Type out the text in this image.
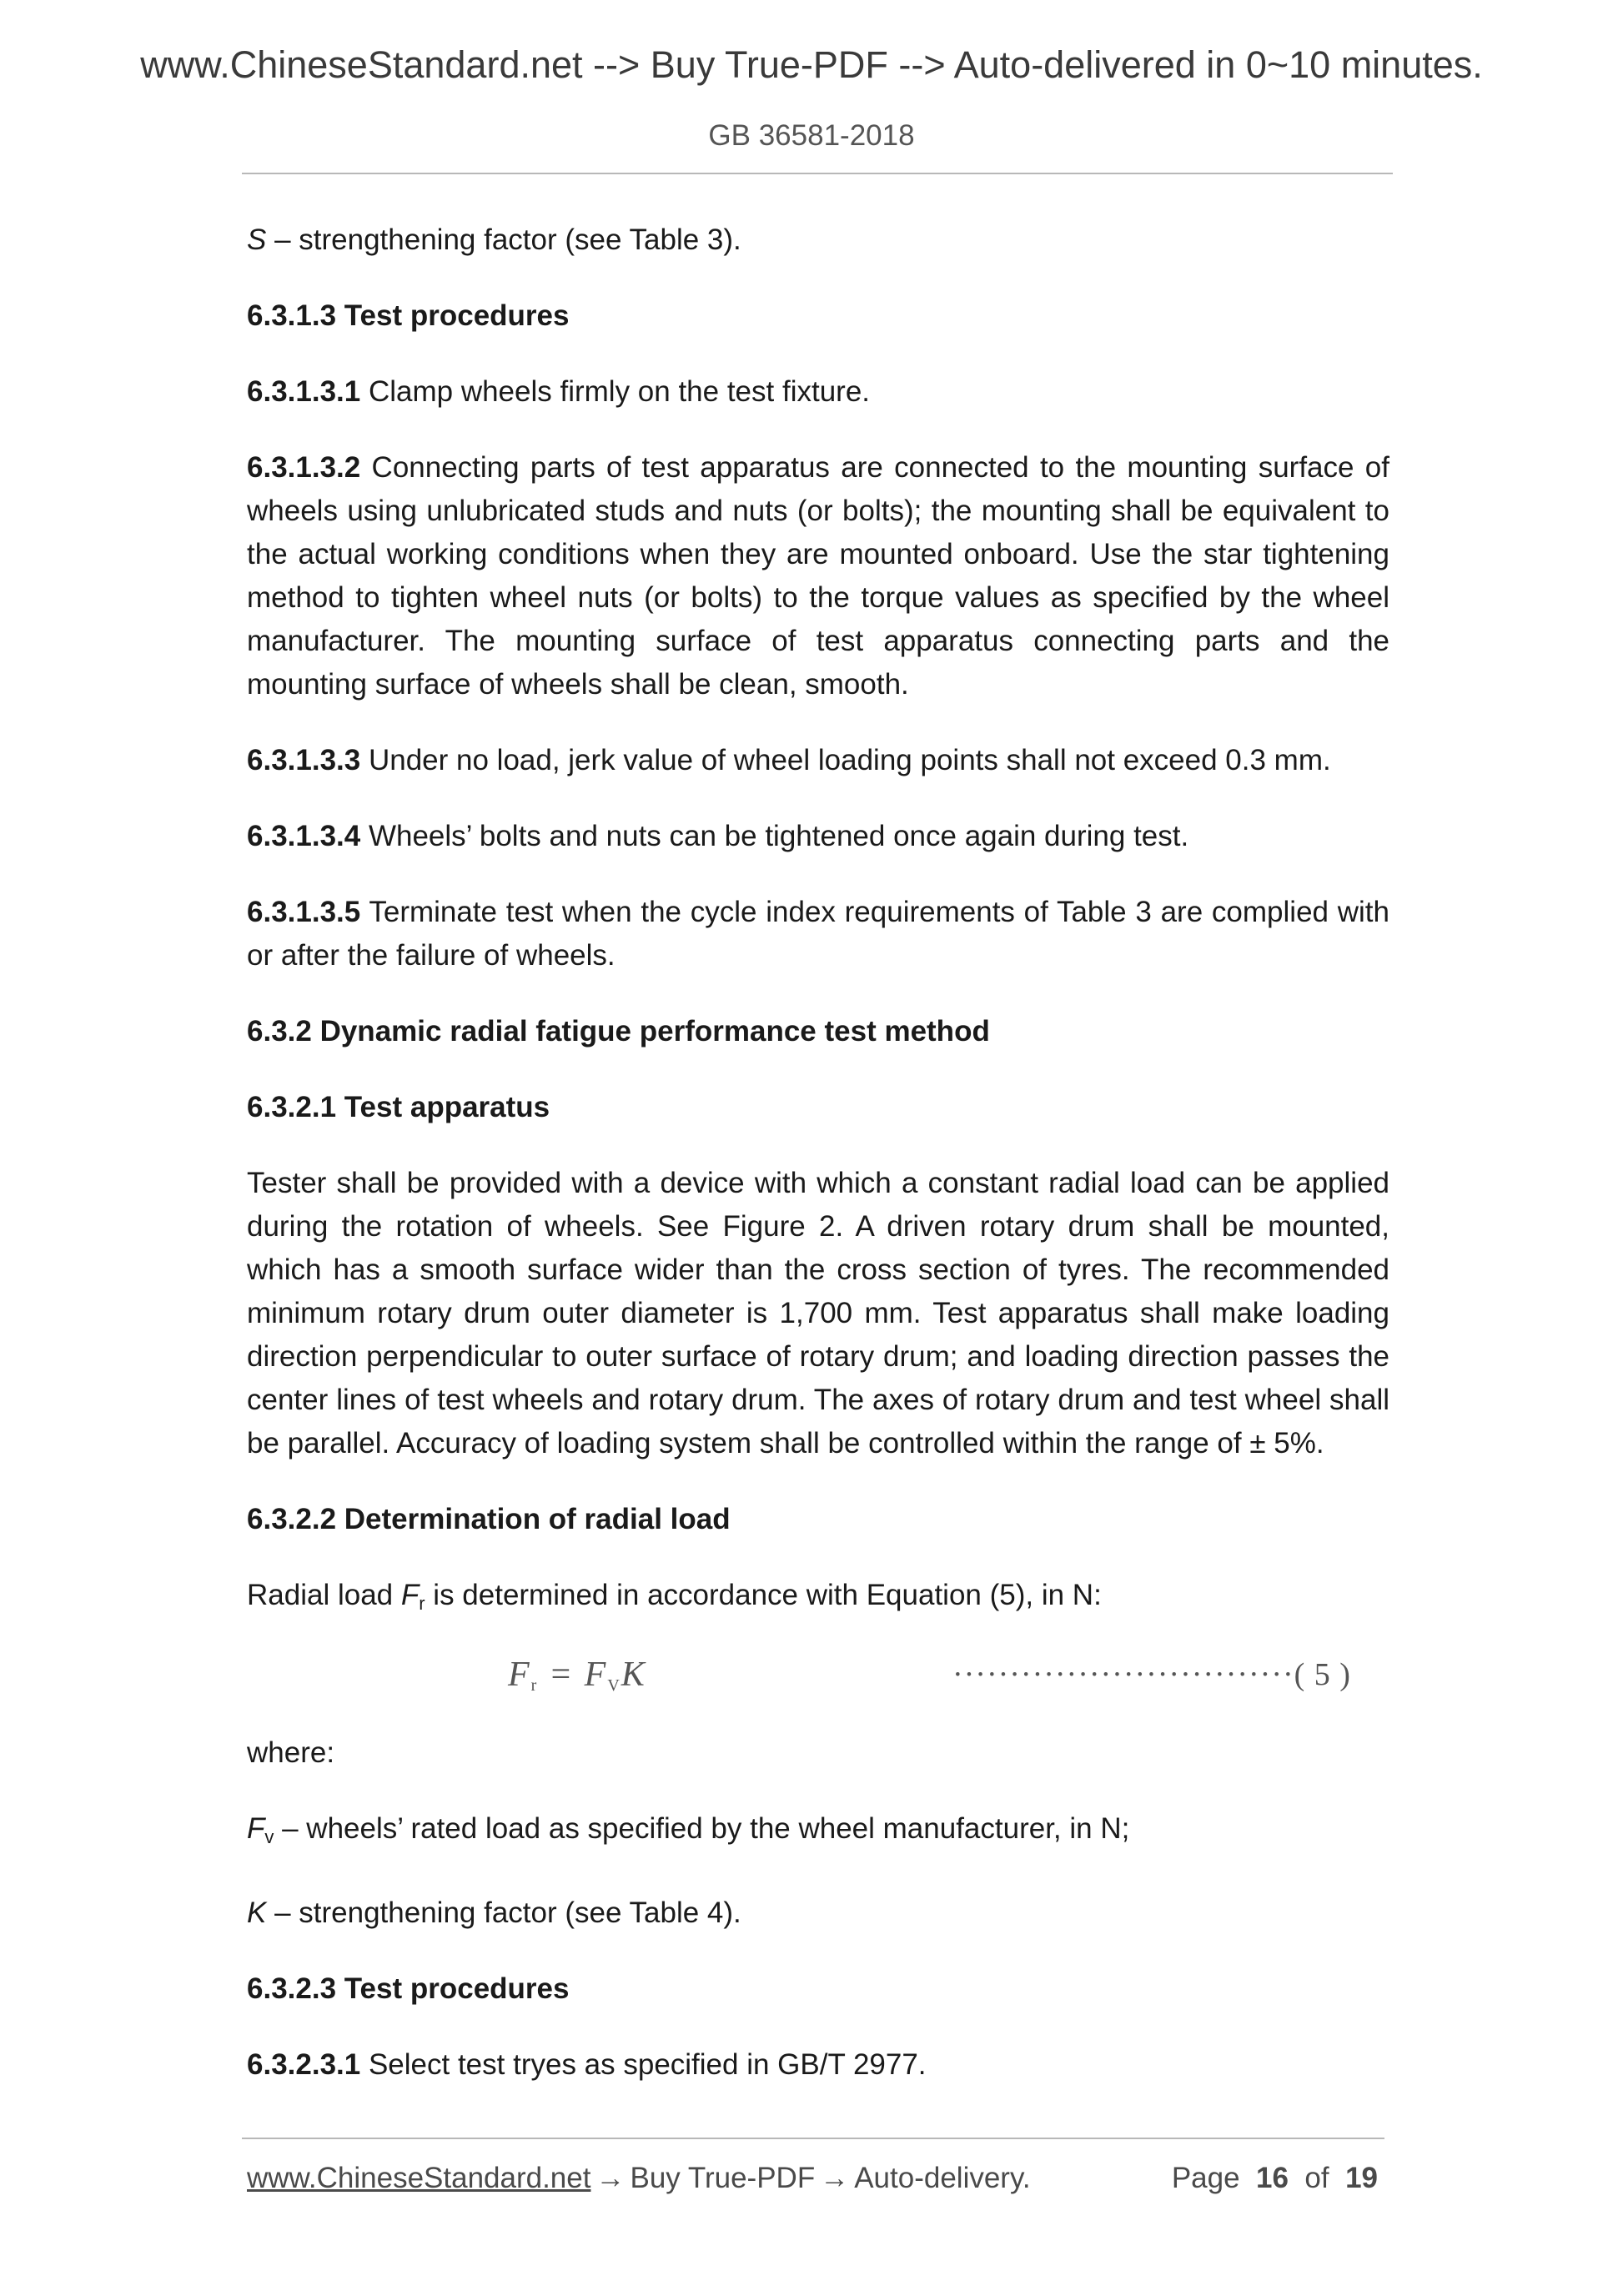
www.ChineseStandard.net --> Buy True-PDF --> Auto-delivered in 0~10 minutes.
GB 36581-2018

S – strengthening factor (see Table 3).

6.3.1.3 Test procedures

6.3.1.3.1 Clamp wheels firmly on the test fixture.

6.3.1.3.2 Connecting parts of test apparatus are connected to the mounting surface of wheels using unlubricated studs and nuts (or bolts); the mounting shall be equivalent to the actual working conditions when they are mounted onboard. Use the star tightening method to tighten wheel nuts (or bolts) to the torque values as specified by the wheel manufacturer. The mounting surface of test apparatus connecting parts and the mounting surface of wheels shall be clean, smooth.

6.3.1.3.3 Under no load, jerk value of wheel loading points shall not exceed 0.3 mm.

6.3.1.3.4 Wheels’ bolts and nuts can be tightened once again during test.

6.3.1.3.5 Terminate test when the cycle index requirements of Table 3 are complied with or after the failure of wheels.

6.3.2 Dynamic radial fatigue performance test method

6.3.2.1 Test apparatus

Tester shall be provided with a device with which a constant radial load can be applied during the rotation of wheels. See Figure 2. A driven rotary drum shall be mounted, which has a smooth surface wider than the cross section of tyres. The recommended minimum rotary drum outer diameter is 1,700 mm. Test apparatus shall make loading direction perpendicular to outer surface of rotary drum; and loading direction passes the center lines of test wheels and rotary drum. The axes of rotary drum and test wheel shall be parallel. Accuracy of loading system shall be controlled within the range of ± 5%.

6.3.2.2 Determination of radial load

Radial load $F_r$ is determined in accordance with Equation (5), in N:

Fr = FVK	······························( 5 )

where:

$F_v$ – wheels’ rated load as specified by the wheel manufacturer, in N;

K – strengthening factor (see Table 4).

6.3.2.3 Test procedures

6.3.2.3.1 Select test tryes as specified in GB/T 2977.

www.ChineseStandard.net → Buy True-PDF → Auto-delivery.	Page 16 of 19
